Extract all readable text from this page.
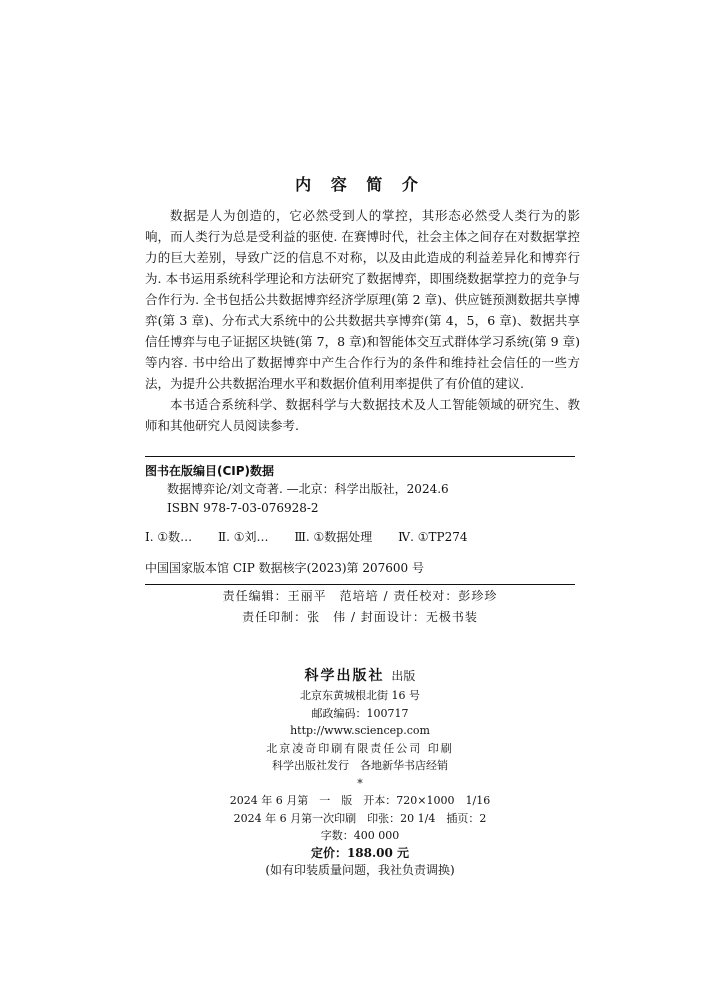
内 容 简 介

数据是人为创造的，它必然受到人的掌控，其形态必然受人类行为的影响，而人类行为总是受利益的驱使. 在赛博时代，社会主体之间存在对数据掌控力的巨大差别，导致广泛的信息不对称，以及由此造成的利益差异化和博弈行为. 本书运用系统科学理论和方法研究了数据博弈，即围绕数据掌控力的竞争与合作行为. 全书包括公共数据博弈经济学原理(第 2 章)、供应链预测数据共享博弈(第 3 章)、分布式大系统中的公共数据共享博弈(第 4，5，6 章)、数据共享信任博弈与电子证据区块链(第 7，8 章)和智能体交互式群体学习系统(第 9 章)等内容. 书中给出了数据博弈中产生合作行为的条件和维持社会信任的一些方法，为提升公共数据治理水平和数据价值利用率提供了有价值的建议.

本书适合系统科学、数据科学与大数据技术及人工智能领域的研究生、教师和其他研究人员阅读参考.

图书在版编目(CIP)数据
数据博弈论/刘文奇著. —北京：科学出版社，2024.6
ISBN 978-7-03-076928-2
Ⅰ. ①数… Ⅱ. ①刘… Ⅲ. ①数据处理 Ⅳ. ①TP274
中国国家版本馆 CIP 数据核字(2023)第 207600 号
责任编辑：王丽平　范培培 / 责任校对：彭珍珍
责任印制：张　伟 / 封面设计：无极书装
科学出版社 出版
北京东黄城根北街 16 号
邮政编码：100717
http://www.sciencep.com
北京凌奇印刷有限责任公司 印刷
科学出版社发行　各地新华书店经销
*
2024 年 6 月第　一　版　开本：720×1000　1/16
2024 年 6 月第一次印刷　印张：20 1/4　插页：2
字数：400 000
定价：188.00 元
(如有印装质量问题，我社负责调换)
